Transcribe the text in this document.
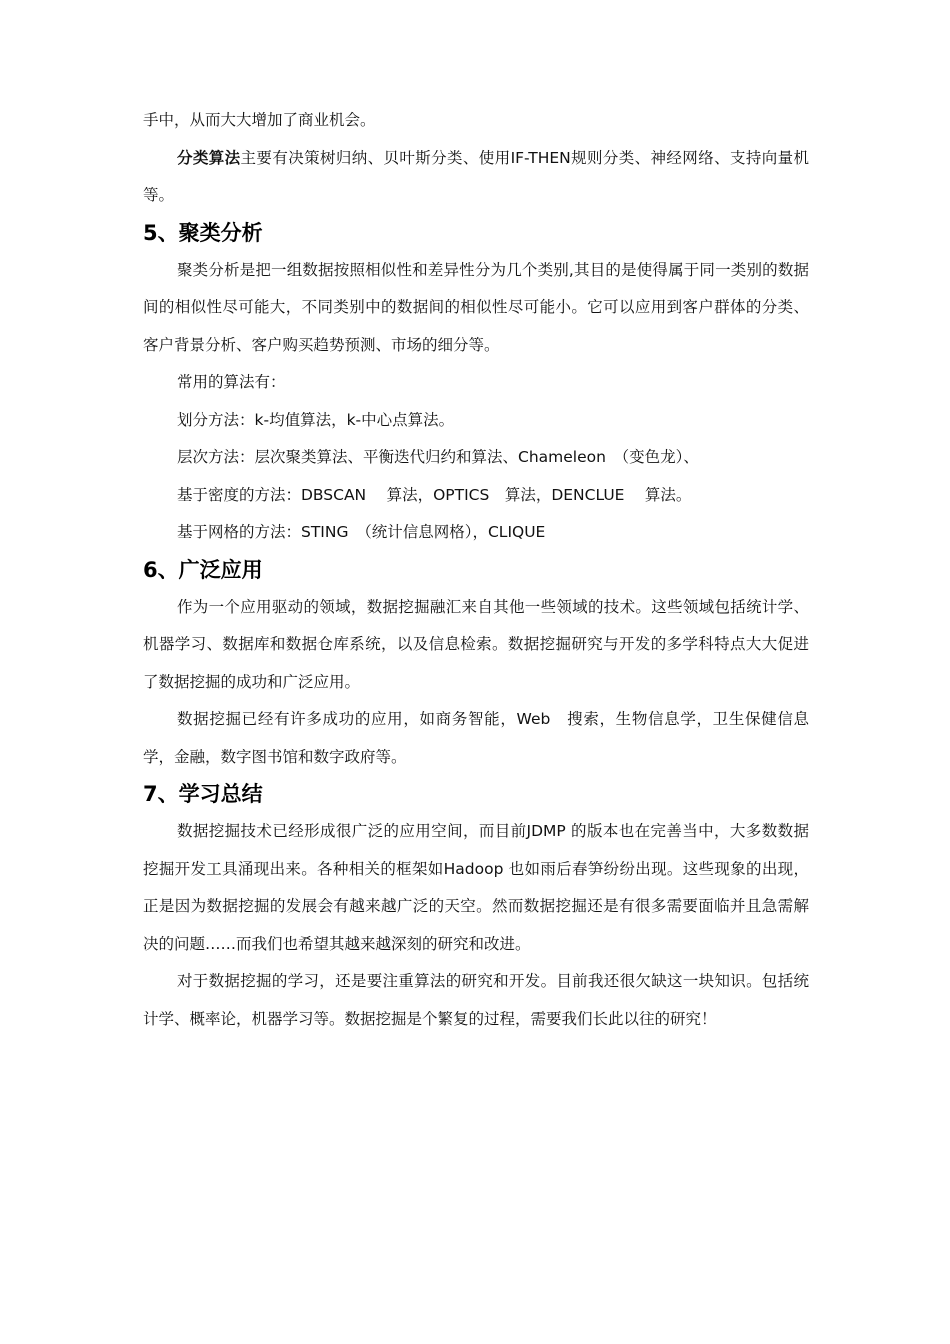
手中，从而大大增加了商业机会。

分类算法主要有决策树归纳、贝叶斯分类、使用IF-THEN规则分类、神经网络、支持向量机等。

5、聚类分析

聚类分析是把一组数据按照相似性和差异性分为几个类别,其目的是使得属于同一类别的数据间的相似性尽可能大，不同类别中的数据间的相似性尽可能小。它可以应用到客户群体的分类、客户背景分析、客户购买趋势预测、市场的细分等。

常用的算法有：

划分方法：k-均值算法，k-中心点算法。

层次方法：层次聚类算法、平衡迭代归约和算法、Chameleon　（变色龙）、

基于密度的方法：DBSCAN　 算法，OPTICS　算法，DENCLUE　 算法。

基于网格的方法：STING　（统计信息网格），CLIQUE

6、广泛应用

作为一个应用驱动的领域，数据挖掘融汇来自其他一些领域的技术。这些领域包括统计学、机器学习、数据库和数据仓库系统，以及信息检索。数据挖掘研究与开发的多学科特点大大促进了数据挖掘的成功和广泛应用。

数据挖掘已经有许多成功的应用，如商务智能，Web　搜索，生物信息学，卫生保健信息学，金融，数字图书馆和数字政府等。

7、学习总结

数据挖掘技术已经形成很广泛的应用空间，而目前JDMP 的版本也在完善当中，大多数数据挖掘开发工具涌现出来。各种相关的框架如Hadoop 也如雨后春笋纷纷出现。这些现象的出现，正是因为数据挖掘的发展会有越来越广泛的天空。然而数据挖掘还是有很多需要面临并且急需解决的问题……而我们也希望其越来越深刻的研究和改进。

对于数据挖掘的学习，还是要注重算法的研究和开发。目前我还很欠缺这一块知识。包括统计学、概率论，机器学习等。数据挖掘是个繁复的过程，需要我们长此以往的研究！
